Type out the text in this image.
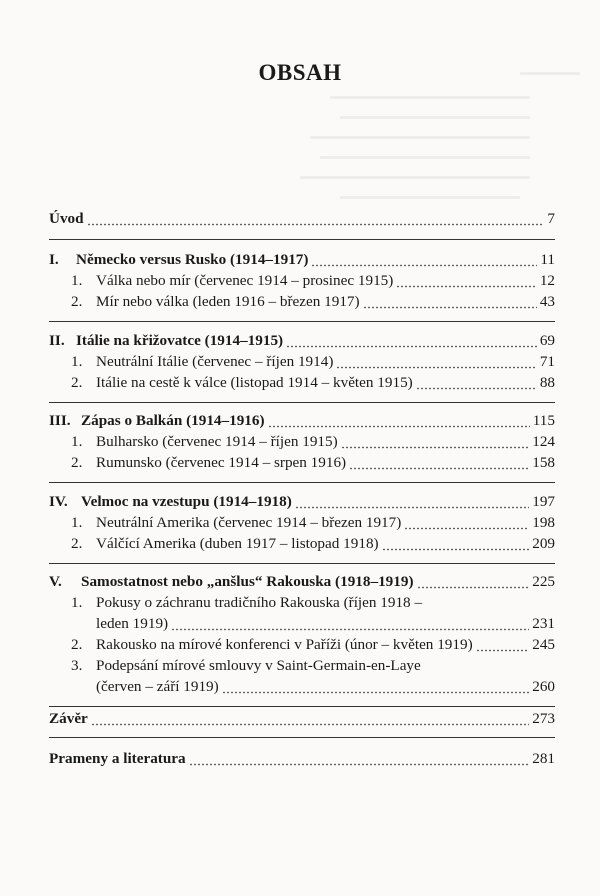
OBSAH
Úvod	7
I.	Německo versus Rusko (1914–1917)	11
1. Válka nebo mír (červenec 1914 – prosinec 1915)	12
2. Mír nebo válka (leden 1916 – březen 1917)	43
II. Itálie na křižovatce (1914–1915)	69
1. Neutrální Itálie (červenec – říjen 1914)	71
2. Itálie na cestě k válce (listopad 1914 – květen 1915)	88
III. Zápas o Balkán (1914–1916)	115
1. Bulharsko (červenec 1914 – říjen 1915)	124
2. Rumunsko (červenec 1914 – srpen 1916)	158
IV. Velmoc na vzestupu (1914–1918)	197
1. Neutrální Amerika (červenec 1914 – březen 1917)	198
2. Válčící Amerika (duben 1917 – listopad 1918)	209
V.	Samostatnost nebo „anšlus“ Rakouska (1918–1919)	225
1. Pokusy o záchranu tradičního Rakouska (říjen 1918 –
leden 1919)	231
2. Rakousko na mírové konferenci v Paříži (únor – květen 1919)	245
3. Podepsání mírové smlouvy v Saint-Germain-en-Laye
(červen – září 1919)	260
Závěr	273
Prameny a literatura	281
